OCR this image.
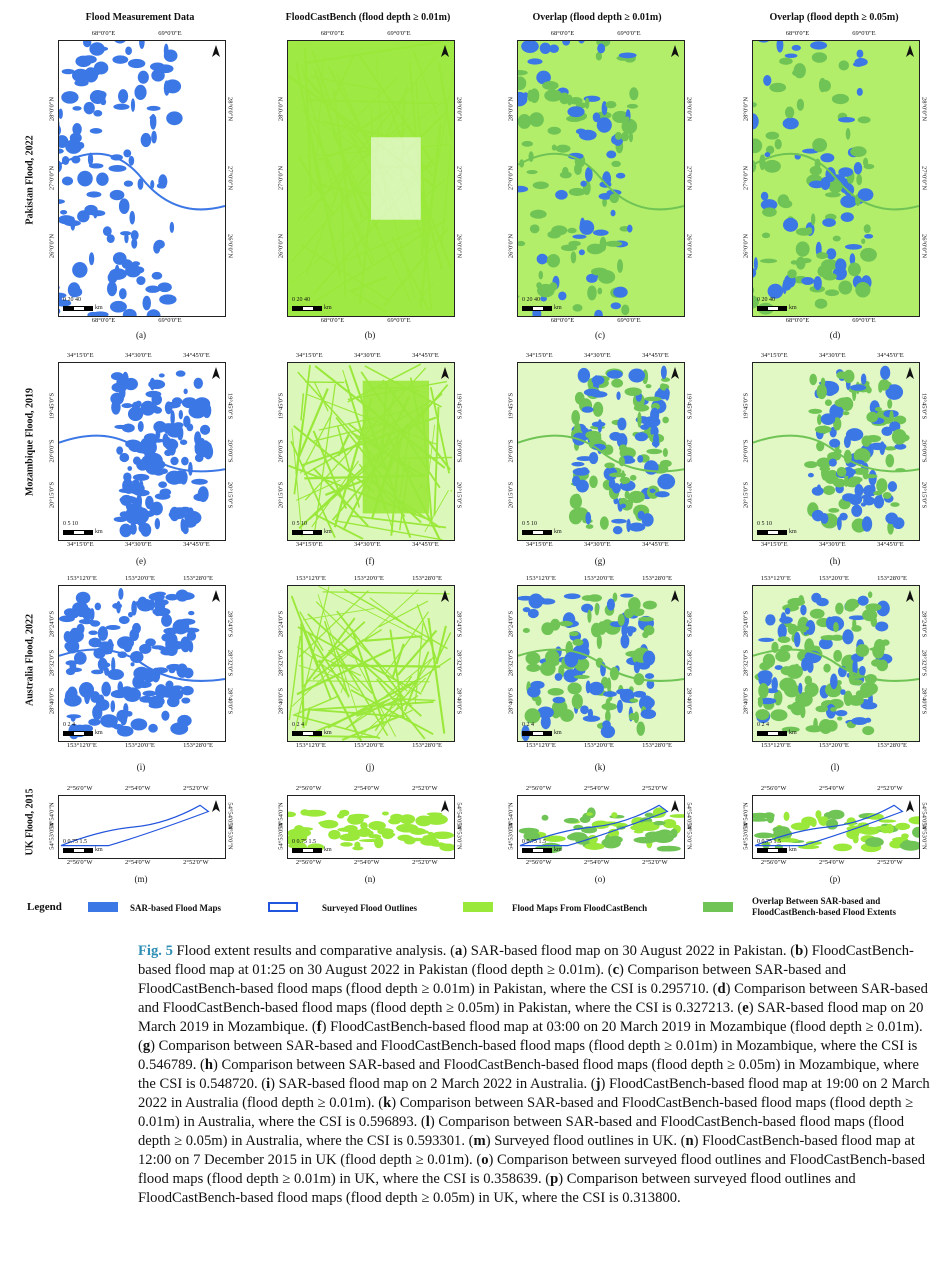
Flood Measurement Data	FloodCastBench (flood depth ≥ 0.01m)	Overlap (flood depth ≥ 0.01m)	Overlap (flood depth ≥ 0.05m)
Pakistan Flood, 2022
Mozambique Flood, 2019
Australia Flood, 2022
UK Flood, 2015
0 20 40
km
68°0'0"E	69°0'0"E
68°0'0"E	69°0'0"E
28°0'0"N	28°0'0"N
27°0'0"N	27°0'0"N
26°0'0"N	26°0'0"N
(a)
0 20 40
km
68°0'0"E	69°0'0"E
68°0'0"E	69°0'0"E
28°0'0"N	28°0'0"N
27°0'0"N	27°0'0"N
26°0'0"N	26°0'0"N
(b)
0 20 40
km
68°0'0"E	69°0'0"E
68°0'0"E	69°0'0"E
28°0'0"N	28°0'0"N
27°0'0"N	27°0'0"N
26°0'0"N	26°0'0"N
(c)
0 20 40
km
68°0'0"E	69°0'0"E
68°0'0"E	69°0'0"E
28°0'0"N	28°0'0"N
27°0'0"N	27°0'0"N
26°0'0"N	26°0'0"N
(d)
0 5 10
km
34°15'0"E	34°30'0"E	34°45'0"E
34°15'0"E	34°30'0"E	34°45'0"E
19°45'0"S	19°45'0"S
20°0'0"S	20°0'0"S
20°15'0"S	20°15'0"S
(e)
0 5 10
km
34°15'0"E	34°30'0"E	34°45'0"E
34°15'0"E	34°30'0"E	34°45'0"E
19°45'0"S	19°45'0"S
20°0'0"S	20°0'0"S
20°15'0"S	20°15'0"S
(f)
0 5 10
km
34°15'0"E	34°30'0"E	34°45'0"E
34°15'0"E	34°30'0"E	34°45'0"E
19°45'0"S	19°45'0"S
20°0'0"S	20°0'0"S
20°15'0"S	20°15'0"S
(g)
0 5 10
km
34°15'0"E	34°30'0"E	34°45'0"E
34°15'0"E	34°30'0"E	34°45'0"E
19°45'0"S	19°45'0"S
20°0'0"S	20°0'0"S
20°15'0"S	20°15'0"S
(h)
0 2 4
km
153°12'0"E	153°20'0"E	153°28'0"E
153°12'0"E	153°20'0"E	153°28'0"E
28°24'0"S	28°24'0"S
28°32'0"S	28°32'0"S
28°40'0"S	28°40'0"S
(i)
0 2 4
km
153°12'0"E	153°20'0"E	153°28'0"E
153°12'0"E	153°20'0"E	153°28'0"E
28°24'0"S	28°24'0"S
28°32'0"S	28°32'0"S
28°40'0"S	28°40'0"S
(j)
0 2 4
km
153°12'0"E	153°20'0"E	153°28'0"E
153°12'0"E	153°20'0"E	153°28'0"E
28°24'0"S	28°24'0"S
28°32'0"S	28°32'0"S
28°40'0"S	28°40'0"S
(k)
0 2 4
km
153°12'0"E	153°20'0"E	153°28'0"E
153°12'0"E	153°20'0"E	153°28'0"E
28°24'0"S	28°24'0"S
28°32'0"S	28°32'0"S
28°40'0"S	28°40'0"S
(l)
0 0.75 1.5
km
2°56'0"W	2°54'0"W	2°52'0"W
2°56'0"W	2°54'0"W	2°52'0"W
54°54'0"N	54°54'0"N
54°53'0"N	54°53'0"N
(m)
0 0.75 1.5
km
2°56'0"W	2°54'0"W	2°52'0"W
2°56'0"W	2°54'0"W	2°52'0"W
54°54'0"N	54°54'0"N
54°53'0"N	54°53'0"N
(n)
0 0.75 1.5
km
2°56'0"W	2°54'0"W	2°52'0"W
2°56'0"W	2°54'0"W	2°52'0"W
54°54'0"N	54°54'0"N
54°53'0"N	54°53'0"N
(o)
0 0.75 1.5
km
2°56'0"W	2°54'0"W	2°52'0"W
2°56'0"W	2°54'0"W	2°52'0"W
54°54'0"N	54°54'0"N
54°53'0"N	54°53'0"N
(p)
Legend	SAR-based Flood Maps	Surveyed Flood Outlines	Flood Maps From FloodCastBench
Overlap Between SAR-based and FloodCastBench-based Flood Extents
Fig. 5 Flood extent results and comparative analysis. (a) SAR-based flood map on 30 August 2022 in Pakistan. (b) FloodCastBench-based flood map at 01:25 on 30 August 2022 in Pakistan (flood depth ≥ 0.01m). (c) Comparison between SAR-based and FloodCastBench-based flood maps (flood depth ≥ 0.01m) in Pakistan, where the CSI is 0.295710. (d) Comparison between SAR-based and FloodCastBench-based flood maps (flood depth ≥ 0.05m) in Pakistan, where the CSI is 0.327213. (e) SAR-based flood map on 20 March 2019 in Mozambique. (f) FloodCastBench-based flood map at 03:00 on 20 March 2019 in Mozambique (flood depth ≥ 0.01m). (g) Comparison between SAR-based and FloodCastBench-based flood maps (flood depth ≥ 0.01m) in Mozambique, where the CSI is 0.546789. (h) Comparison between SAR-based and FloodCastBench-based flood maps (flood depth ≥ 0.05m) in Mozambique, where the CSI is 0.548720. (i) SAR-based flood map on 2 March 2022 in Australia. (j) FloodCastBench-based flood map at 19:00 on 2 March 2022 in Australia (flood depth ≥ 0.01m). (k) Comparison between SAR-based and FloodCastBench-based flood maps (flood depth ≥ 0.01m) in Australia, where the CSI is 0.596893. (l) Comparison between SAR-based and FloodCastBench-based flood maps (flood depth ≥ 0.05m) in Australia, where the CSI is 0.593301. (m) Surveyed flood outlines in UK. (n) FloodCastBench-based flood map at 12:00 on 7 December 2015 in UK (flood depth ≥ 0.01m). (o) Comparison between surveyed flood outlines and FloodCastBench-based flood maps (flood depth ≥ 0.01m) in UK, where the CSI is 0.358639. (p) Comparison between surveyed flood outlines and FloodCastBench-based flood maps (flood depth ≥ 0.05m) in UK, where the CSI is 0.313800.
